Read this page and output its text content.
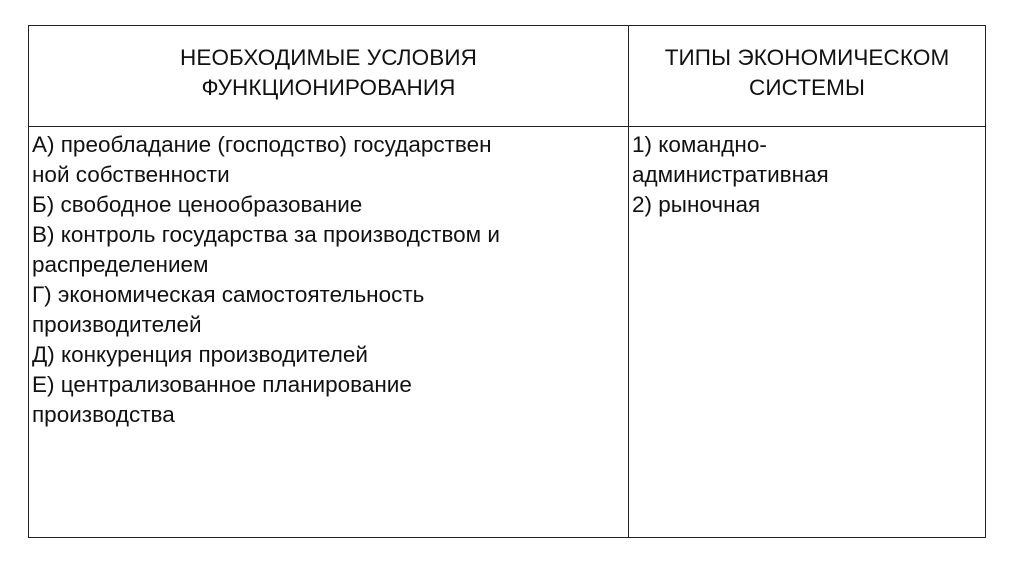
НЕОБХОДИМЫЕ УСЛОВИЯ
ФУНКЦИОНИРОВАНИЯ
ТИПЫ ЭКОНОМИЧЕСКОМ
СИСТЕМЫ
А) преобладание (господство) государствен
ной собственности
Б) свободное ценообразование
В) контроль государства за производством и
распределением
Г) экономическая самостоятельность
производителей
Д) конкуренция производителей
Е) централизованное планирование
производства
1) командно-
административная
2) рыночная
